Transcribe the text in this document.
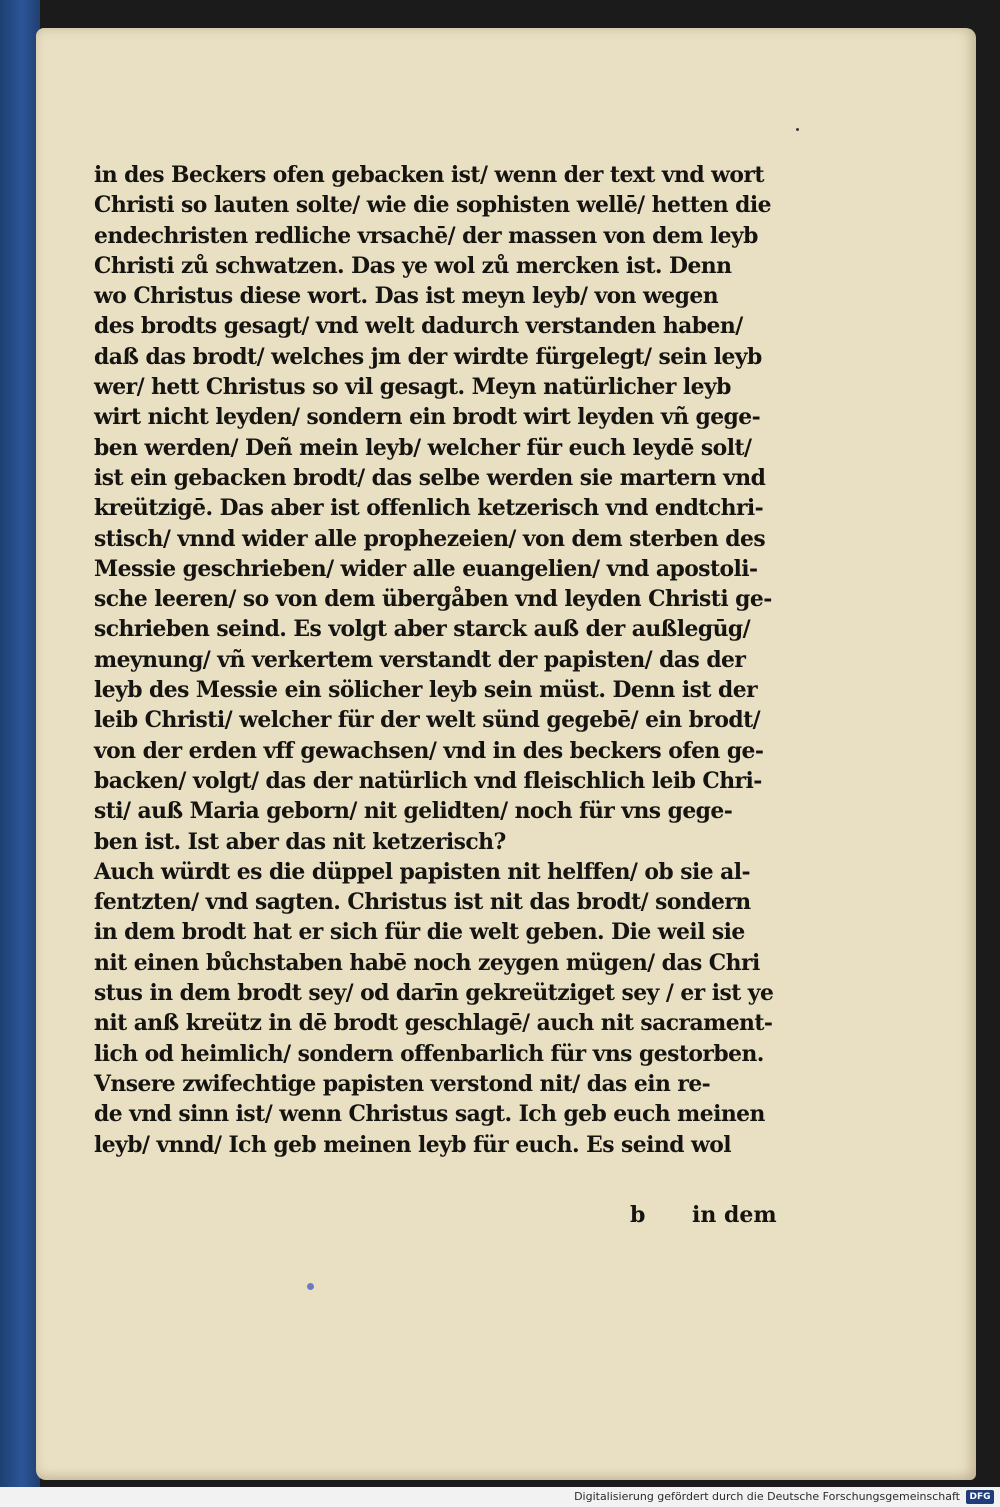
in des Beckers ofen gebacken ist/ wenn der text vnd wort
Christi so lauten solte/ wie die sophisten wellē/ hetten die
endechristen redliche vrsachē/ der massen von dem leyb
Christi zů schwatzen. Das ye wol zů mercken ist. Denn
wo Christus diese wort. Das ist meyn leyb/ von wegen
des brodts gesagt/ vnd welt dadurch verstanden haben/
daß das brodt/ welches jm der wirdte fürgelegt/ sein leyb
wer/ hett Christus so vil gesagt. Meyn natürlicher leyb
wirt nicht leyden/ sondern ein brodt wirt leyden vñ gege-
ben werden/ Deñ mein leyb/ welcher für euch leydē solt/
ist ein gebacken brodt/ das selbe werden sie martern vnd
kreützigē. Das aber ist offenlich ketzerisch vnd endtchri-
stisch/ vnnd wider alle prophezeien/ von dem sterben des
Messie geschrieben/ wider alle euangelien/ vnd apostoli-
sche leeren/ so von dem übergåben vnd leyden Christi ge-
schrieben seind. Es volgt aber starck auß der außlegūg/
meynung/ vñ verkertem verstandt der papisten/ das der
leyb des Messie ein sölicher leyb sein müst. Denn ist der
leib Christi/ welcher für der welt sünd gegebē/ ein brodt/
von der erden vff gewachsen/ vnd in des beckers ofen ge-
backen/ volgt/ das der natürlich vnd fleischlich leib Chri-
sti/ auß Maria geborn/ nit gelidten/ noch für vns gege-
ben ist. Ist aber das nit ketzerisch?
Auch würdt es die düppel papisten nit helffen/ ob sie al-
fentzten/ vnd sagten. Christus ist nit das brodt/ sondern
in dem brodt hat er sich für die welt geben. Die weil sie
nit einen bůchstaben habē noch zeygen mügen/ das Chri
stus in dem brodt sey/ od darīn gekreütziget sey / er ist ye
nit anß kreütz in dē brodt geschlagē/ auch nit sacrament-
lich od heimlich/ sondern offenbarlich für vns gestorben.
Vnsere zwifechtige papisten verstond nit/ das ein re-
de vnd sinn ist/ wenn Christus sagt. Ich geb euch meinen
leyb/ vnnd/ Ich geb meinen leyb für euch. Es seind wol
b in dem
Digitalisierung gefördert durch die Deutsche Forschungsgemeinschaft	DFG
